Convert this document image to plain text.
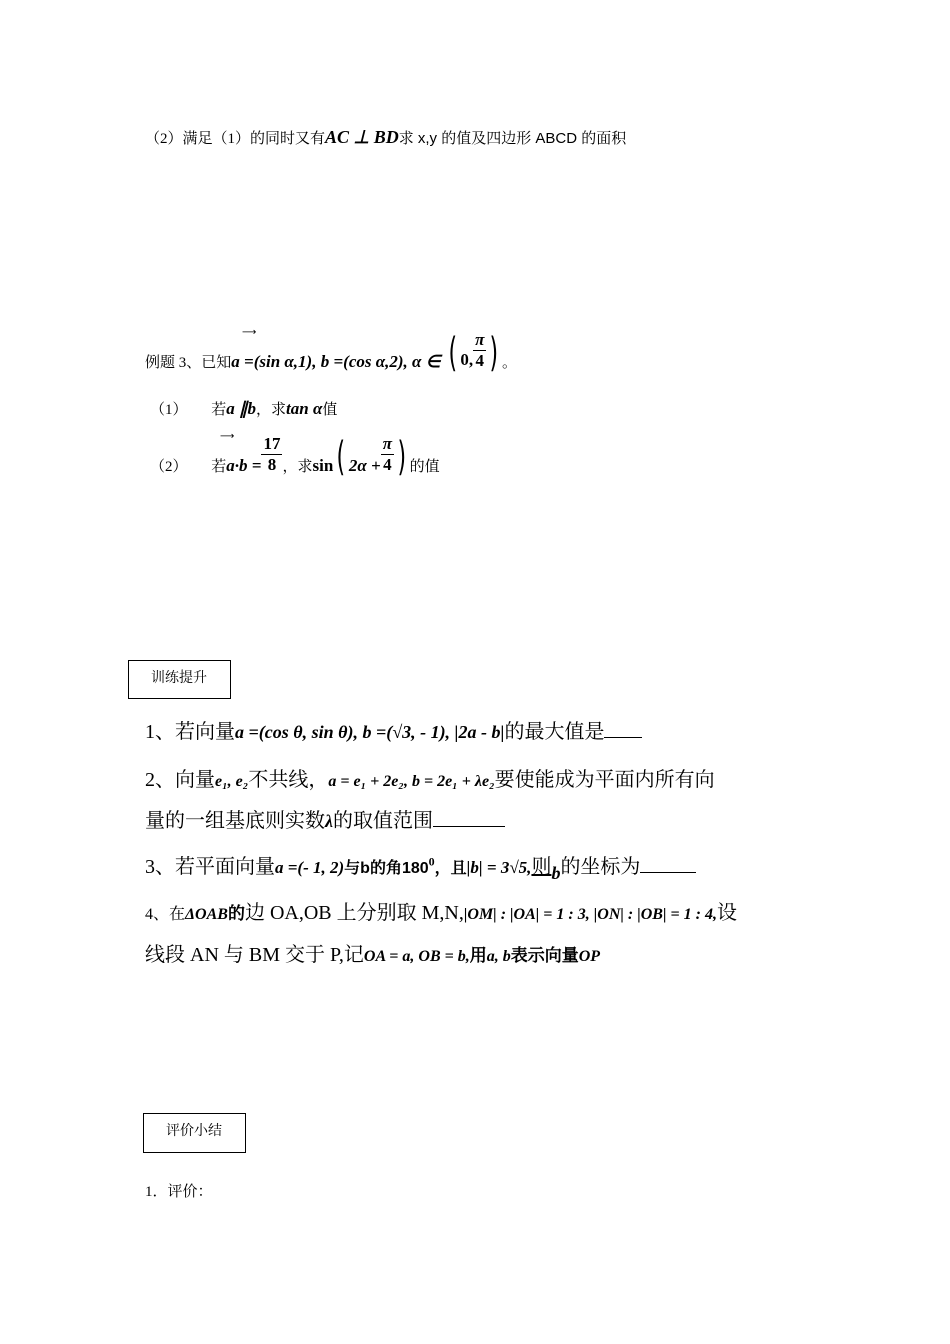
（2）满足（1）的同时又有AC ⊥ BD求 x,y 的值及四边形 ABCD 的面积
⟶
例题 3、已知a =(sin α,1), b =(cos α,2), α ∈ ( 0, $\frac{\pi}{4}$ ) 。
（1） 若a ∥b，求tan α值
⟶
（2） 若$a\cdot b = \frac{17}{8}$ ，求sin( $2\alpha + \frac{\pi}{4}$ ) 的值
训练提升
1、若向量a =(cos θ, sin θ), b =(√3, - 1), |2a - b|的最大值是
2、向量e₁, e₂不共线，a = e₁ + 2e₂, b = 2e₁ + λe₂要使能成为平面内所有向
量的一组基底则实数λ的取值范围
3、若平面向量a =(- 1, 2)与b的角$180^0$，且|b| = 3√5,则b的坐标为
4、在ΔOAB的边 OA,OB 上分别取 M,N,|OM| : |OA| = 1 : 3, |ON| : |OB| = 1 : 4,设
线段 AN 与 BM 交于 P,记OA = a, OB = b,用a, b表示向量OP
评价小结
1．评价：
